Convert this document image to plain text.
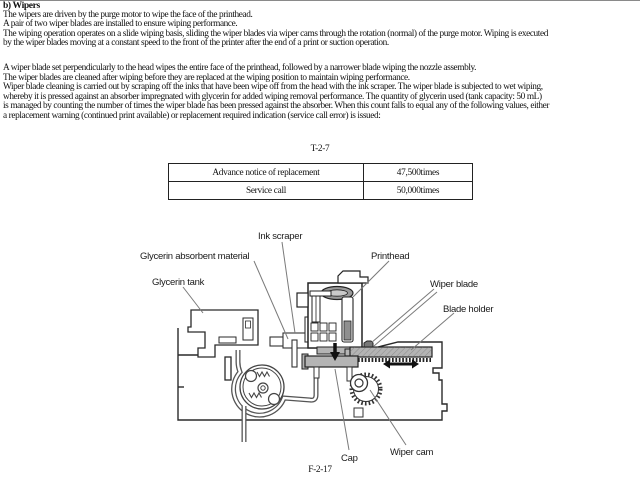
b) Wipers
The wipers are driven by the purge motor to wipe the face of the printhead.
A pair of two wiper blades are installed to ensure wiping performance.
The wiping operation operates on a slide wiping basis, sliding the wiper blades via wiper cams through the rotation (normal) of the purge motor. Wiping is executed
by the wiper blades moving at a constant speed to the front of the printer after the end of a print or suction operation.
A wiper blade set perpendicularly to the head wipes the entire face of the printhead, followed by a narrower blade wiping the nozzle assembly.
The wiper blades are cleaned after wiping before they are replaced at the wiping position to maintain wiping performance.
Wiper blade cleaning is carried out by scraping off the inks that have been wipe off from the head with the ink scraper. The wiper blade is subjected to wet wiping,
whereby it is pressed against an absorber impregnated with glycerin for added wiping removal performance. The quantity of glycerin used (tank capacity: 50 mL)
is managed by counting the number of times the wiper blade has been pressed against the absorber. When this count falls to equal any of the following values, either
a replacement warning (continued print available) or replacement required indication (service call error) is issued:
T-2-7
Advance notice of replacement	47,500times
Service call	50,000times
Ink scraper
Glycerin absorbent material	Printhead
Glycerin tank	Wiper blade
Blade holder
Cap
Wiper cam
F-2-17
